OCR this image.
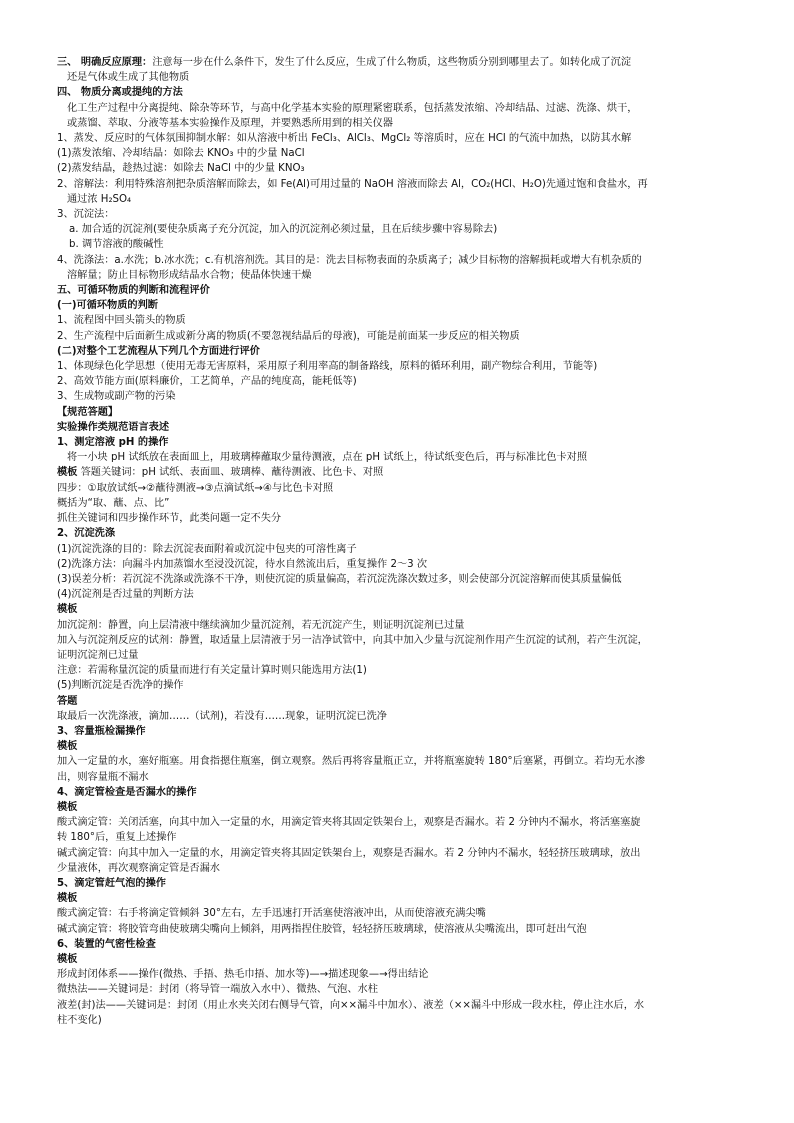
三、 明确反应原理：注意每一步在什么条件下，发生了什么反应，生成了什么物质，这些物质分别到哪里去了。如转化成了沉淀
还是气体或生成了其他物质
四、 物质分离或提纯的方法
化工生产过程中分离提纯、除杂等环节，与高中化学基本实验的原理紧密联系，包括蒸发浓缩、冷却结晶、过滤、洗涤、烘干，
或蒸馏、萃取、分液等基本实验操作及原理，并要熟悉所用到的相关仪器
1、蒸发、反应时的气体氛围抑制水解：如从溶液中析出 FeCl₃、AlCl₃、MgCl₂ 等溶质时，应在 HCl 的气流中加热，以防其水解
(1)蒸发浓缩、冷却结晶：如除去 KNO₃ 中的少量 NaCl
(2)蒸发结晶，趁热过滤：如除去 NaCl 中的少量 KNO₃
2、溶解法：利用特殊溶剂把杂质溶解而除去，如 Fe(Al)可用过量的 NaOH 溶液而除去 Al，CO₂(HCl、H₂O)先通过饱和食盐水，再
通过浓 H₂SO₄
3、沉淀法：
a. 加合适的沉淀剂(要使杂质离子充分沉淀，加入的沉淀剂必须过量，且在后续步骤中容易除去)
b. 调节溶液的酸碱性
4、洗涤法：a.水洗；b.冰水洗；c.有机溶剂洗。其目的是：洗去目标物表面的杂质离子；减少目标物的溶解损耗或增大有机杂质的
溶解量；防止目标物形成结晶水合物；使晶体快速干燥
五、可循环物质的判断和流程评价
(一)可循环物质的判断
1、流程图中回头箭头的物质
2、生产流程中后面新生成或新分离的物质(不要忽视结晶后的母液)，可能是前面某一步反应的相关物质
(二)对整个工艺流程从下列几个方面进行评价
1、体现绿色化学思想（使用无毒无害原料，采用原子利用率高的制备路线，原料的循环利用，副产物综合利用，节能等)
2、高效节能方面(原料廉价，工艺简单，产品的纯度高，能耗低等)
3、生成物或副产物的污染
【规范答题】
实验操作类规范语言表述
1、测定溶液 pH 的操作
将一小块 pH 试纸放在表面皿上，用玻璃棒蘸取少量待测液，点在 pH 试纸上，待试纸变色后，再与标准比色卡对照
模板 答题关键词：pH 试纸、表面皿、玻璃棒、蘸待测液、比色卡、对照
四步：①取放试纸→②蘸待测液→③点滴试纸→④与比色卡对照
概括为“取、蘸、点、比”
抓住关键词和四步操作环节，此类问题一定不失分
2、沉淀洗涤
(1)沉淀洗涤的目的：除去沉淀表面附着或沉淀中包夹的可溶性离子
(2)洗涤方法：向漏斗内加蒸馏水至浸没沉淀，待水自然流出后，重复操作 2～3 次
(3)误差分析：若沉淀不洗涤或洗涤不干净，则使沉淀的质量偏高，若沉淀洗涤次数过多，则会使部分沉淀溶解而使其质量偏低
(4)沉淀剂是否过量的判断方法
模板
加沉淀剂：静置，向上层清液中继续滴加少量沉淀剂，若无沉淀产生，则证明沉淀剂已过量
加入与沉淀剂反应的试剂：静置，取适量上层清液于另一洁净试管中，向其中加入少量与沉淀剂作用产生沉淀的试剂，若产生沉淀，
证明沉淀剂已过量
注意：若需称量沉淀的质量而进行有关定量计算时则只能选用方法(1)
(5)判断沉淀是否洗净的操作
答题
取最后一次洗涤液，滴加……（试剂)，若没有……现象，证明沉淀已洗净
3、容量瓶检漏操作
模板
加入一定量的水，塞好瓶塞。用食指摁住瓶塞，倒立观察。然后再将容量瓶正立，并将瓶塞旋转 180°后塞紧，再倒立。若均无水渗
出，则容量瓶不漏水
4、滴定管检查是否漏水的操作
模板
酸式滴定管：关闭活塞，向其中加入一定量的水，用滴定管夹将其固定铁架台上，观察是否漏水。若 2 分钟内不漏水，将活塞塞旋
转 180°后，重复上述操作
碱式滴定管：向其中加入一定量的水，用滴定管夹将其固定铁架台上，观察是否漏水。若 2 分钟内不漏水，轻轻挤压玻璃球，放出
少量液体，再次观察滴定管是否漏水
5、滴定管赶气泡的操作
模板
酸式滴定管：右手将滴定管倾斜 30°左右，左手迅速打开活塞使溶液冲出，从而使溶液充满尖嘴
碱式滴定管：将胶管弯曲使玻璃尖嘴向上倾斜，用两指捏住胶管，轻轻挤压玻璃球，使溶液从尖嘴流出，即可赶出气泡
6、装置的气密性检查
模板
形成封闭体系——操作(微热、手捂、热毛巾捂、加水等)—→描述现象—→得出结论
微热法——关键词是：封闭（将导管一端放入水中）、微热、气泡、水柱
液差(封)法——关键词是：封闭（用止水夹关闭右侧导气管，向××漏斗中加水）、液差（××漏斗中形成一段水柱，停止注水后，水
柱不变化)
